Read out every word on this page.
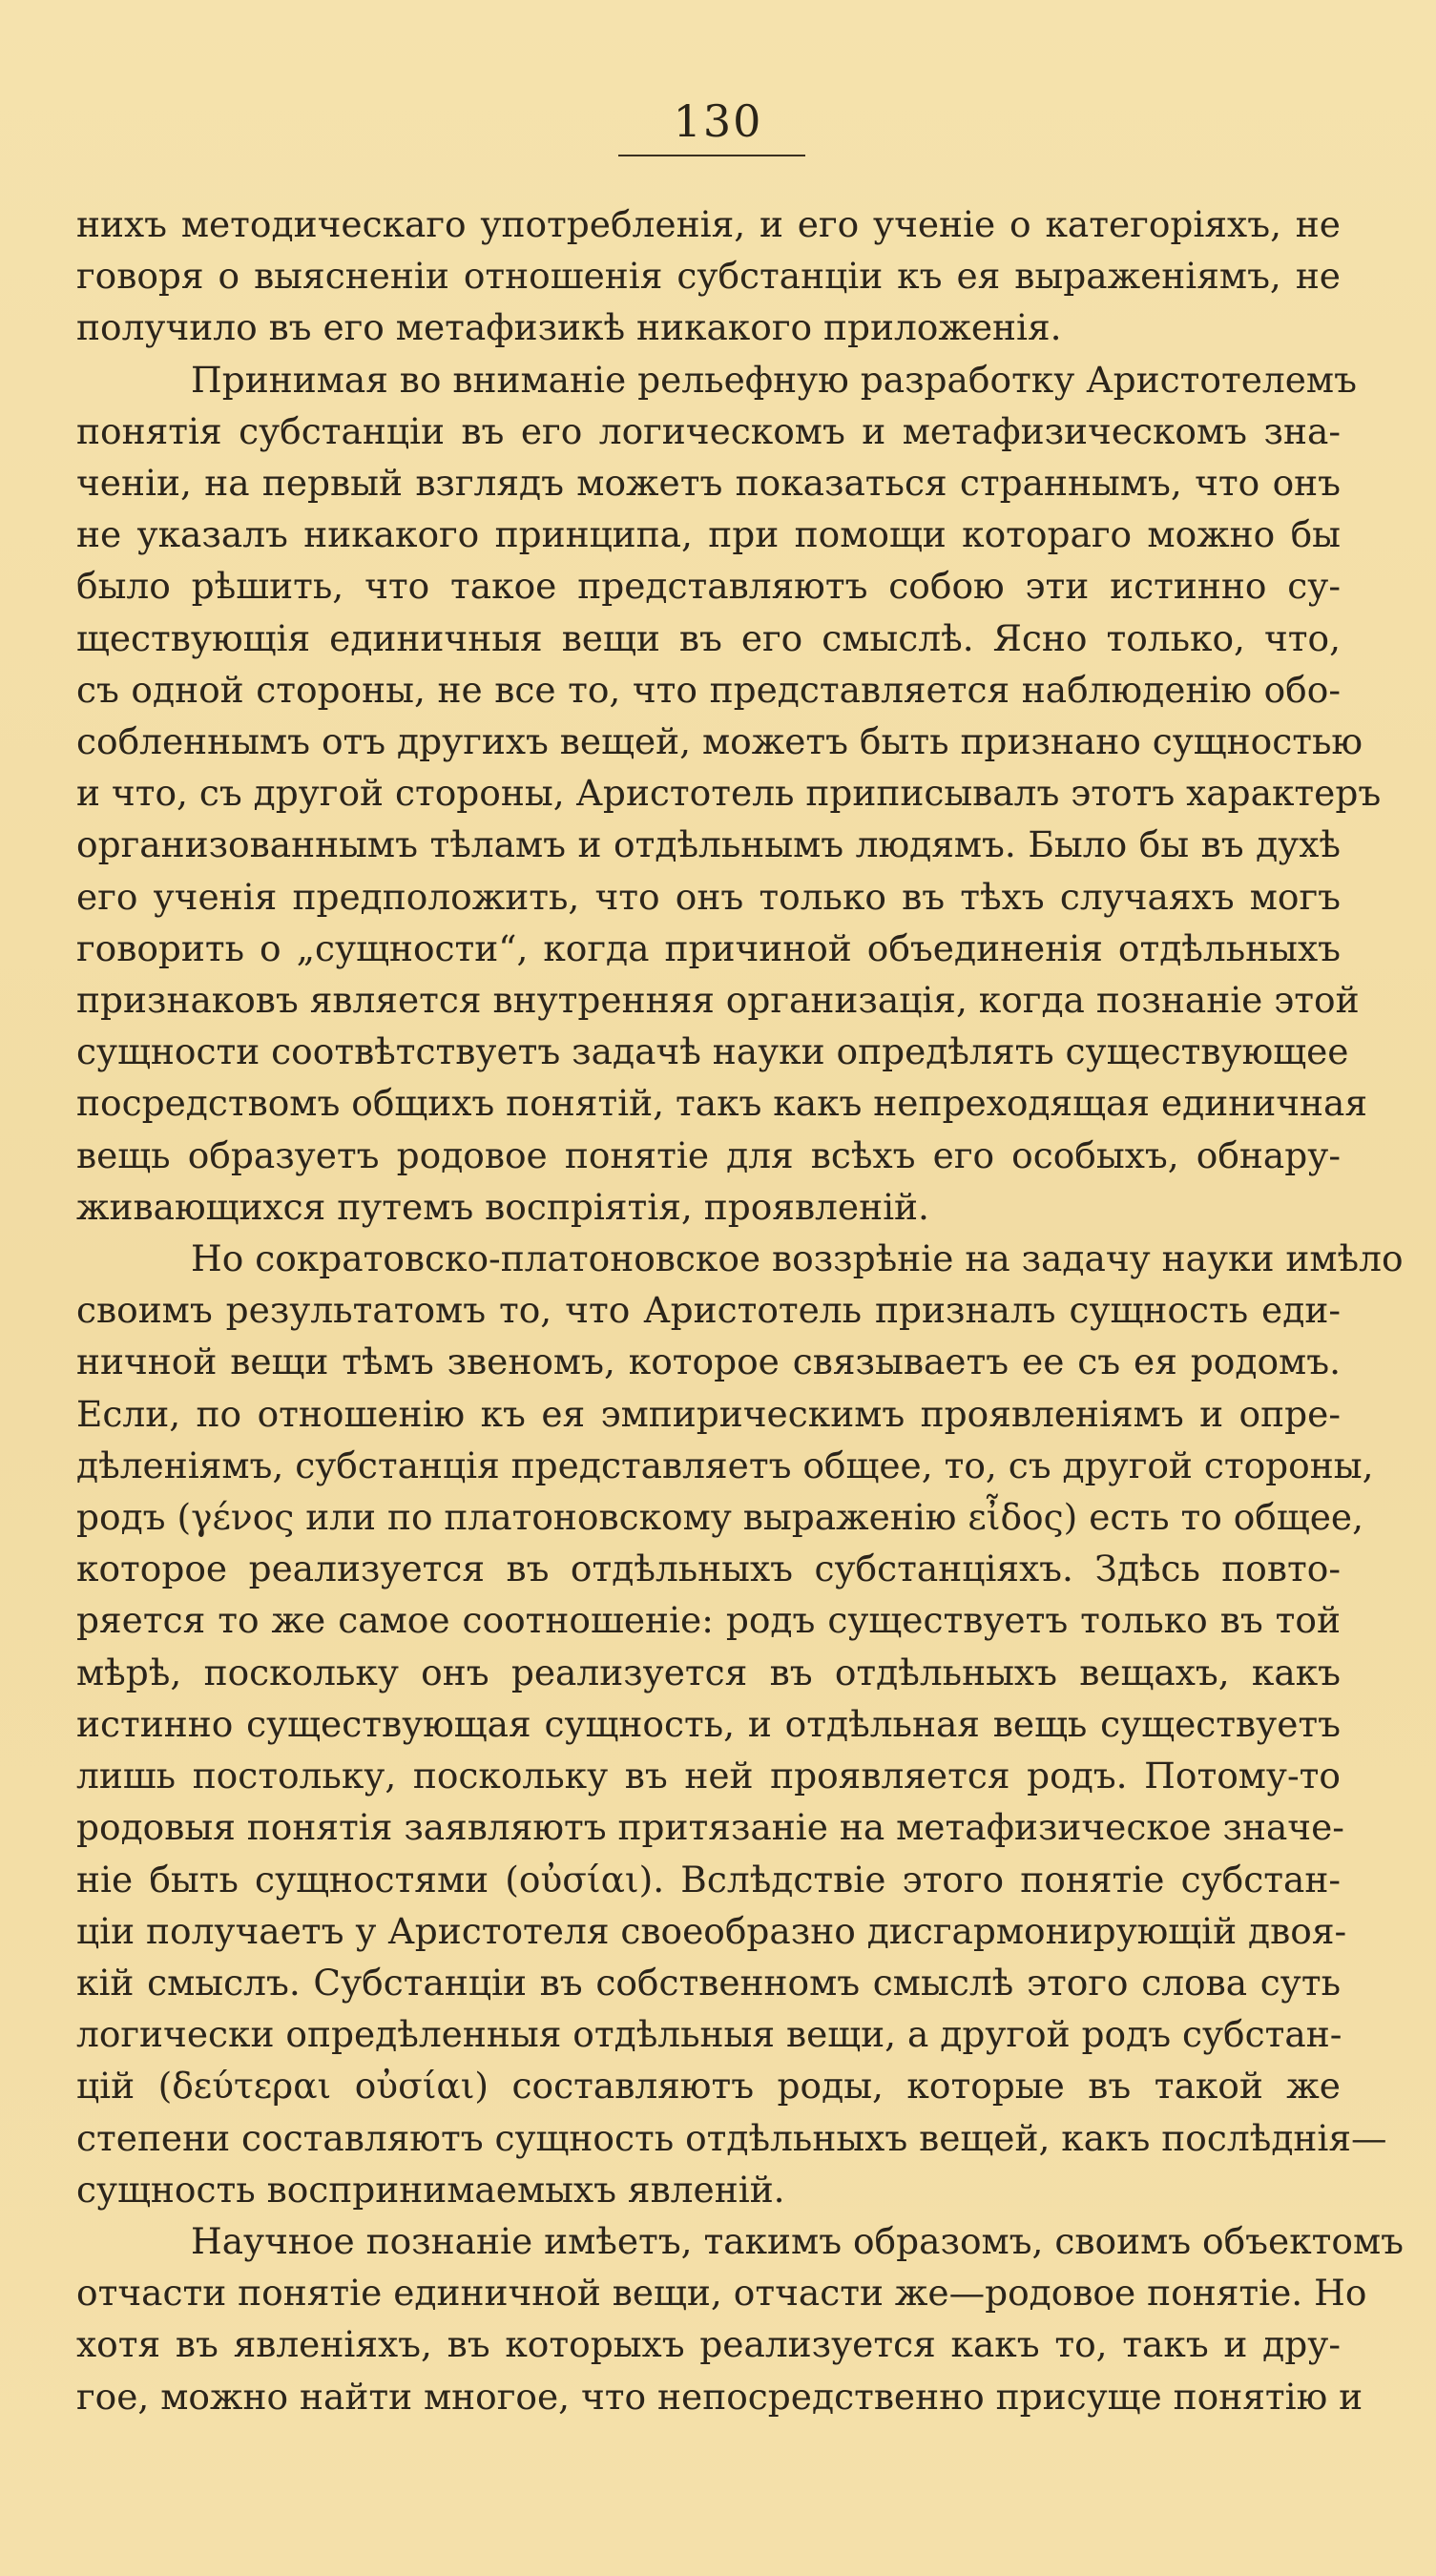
130
нихъ методическаго употребленія, и его ученіе о категоріяхъ, не
говоря о выясненіи отношенія субстанціи къ ея выраженіямъ, не
получило въ его метафизикѣ никакого приложенія.
Принимая во вниманіе рельефную разработку Аристотелемъ
понятія субстанціи въ его логическомъ и метафизическомъ зна-
ченіи, на первый взглядъ можетъ показаться страннымъ, что онъ
не указалъ никакого принципа, при помощи котораго можно бы
было рѣшить, что такое представляютъ собою эти истинно су-
ществующія единичныя вещи въ его смыслѣ. Ясно только, что,
съ одной стороны, не все то, что представляется наблюденію обо-
собленнымъ отъ другихъ вещей, можетъ быть признано сущностью
и что, съ другой стороны, Аристотель приписывалъ этотъ характеръ
организованнымъ тѣламъ и отдѣльнымъ людямъ. Было бы въ духѣ
его ученія предположить, что онъ только въ тѣхъ случаяхъ могъ
говорить о „сущности“, когда причиной объединенія отдѣльныхъ
признаковъ является внутренняя организація, когда познаніе этой
сущности соотвѣтствуетъ задачѣ науки опредѣлять существующее
посредствомъ общихъ понятій, такъ какъ непреходящая единичная
вещь образуетъ родовое понятіе для всѣхъ его особыхъ, обнару-
живающихся путемъ воспріятія, проявленій.
Но сократовско-платоновское воззрѣніе на задачу науки имѣло
своимъ результатомъ то, что Аристотель призналъ сущность еди-
ничной вещи тѣмъ звеномъ, которое связываетъ ее съ ея родомъ.
Если, по отношенію къ ея эмпирическимъ проявленіямъ и опре-
дѣленіямъ, субстанція представляетъ общее, то, съ другой стороны,
родъ (γένος или по платоновскому выраженію εἶδος) есть то общее,
которое реализуется въ отдѣльныхъ субстанціяхъ. Здѣсь повто-
ряется то же самое соотношеніе: родъ существуетъ только въ той
мѣрѣ, поскольку онъ реализуется въ отдѣльныхъ вещахъ, какъ
истинно существующая сущность, и отдѣльная вещь существуетъ
лишь постольку, поскольку въ ней проявляется родъ. Потому-то
родовыя понятія заявляютъ притязаніе на метафизическое значе-
ніе быть сущностями (οὐσίαι). Вслѣдствіе этого понятіе субстан-
ціи получаетъ у Аристотеля своеобразно дисгармонирующій двоя-
кій смыслъ. Субстанціи въ собственномъ смыслѣ этого слова суть
логически опредѣленныя отдѣльныя вещи, а другой родъ субстан-
цій (δεύτεραι οὐσίαι) составляютъ роды, которые въ такой же
степени составляютъ сущность отдѣльныхъ вещей, какъ послѣднія—
сущность воспринимаемыхъ явленій.
Научное познаніе имѣетъ, такимъ образомъ, своимъ объектомъ
отчасти понятіе единичной вещи, отчасти же—родовое понятіе. Но
хотя въ явленіяхъ, въ которыхъ реализуется какъ то, такъ и дру-
гое, можно найти многое, что непосредственно присуще понятію и
